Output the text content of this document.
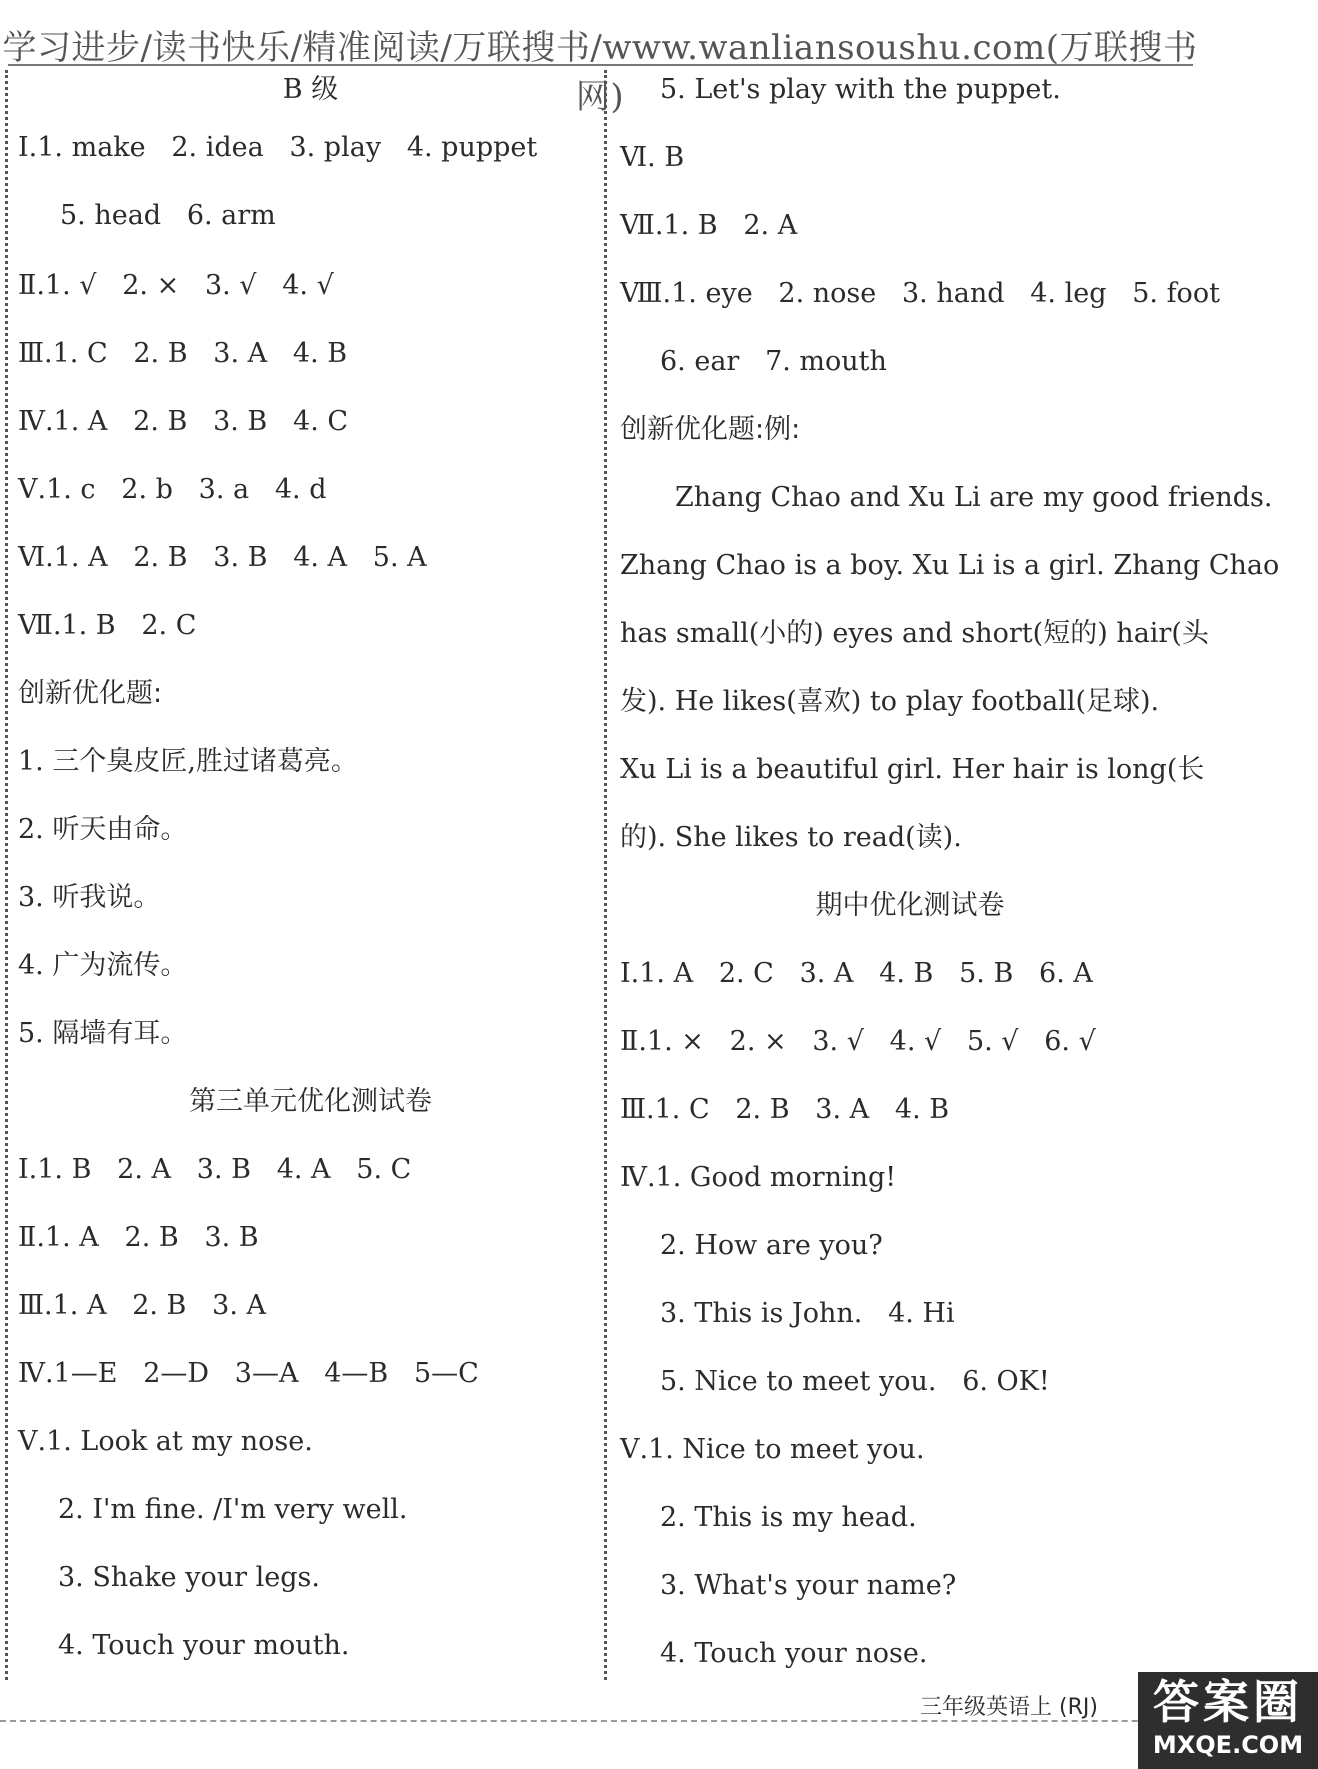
学习进步/读书快乐/精准阅读/万联搜书/www.wanliansoushu.com(万联搜书网)
B 级
Ⅰ.1. make   2. idea   3. play   4. puppet
5. head   6. arm
Ⅱ.1. √   2. ×   3. √   4. √
Ⅲ.1. C   2. B   3. A   4. B
Ⅳ.1. A   2. B   3. B   4. C
Ⅴ.1. c   2. b   3. a   4. d
Ⅵ.1. A   2. B   3. B   4. A   5. A
Ⅶ.1. B   2. C
创新优化题:
1. 三个臭皮匠,胜过诸葛亮。
2. 听天由命。
3. 听我说。
4. 广为流传。
5. 隔墙有耳。
第三单元优化测试卷
Ⅰ.1. B   2. A   3. B   4. A   5. C
Ⅱ.1. A   2. B   3. B
Ⅲ.1. A   2. B   3. A
Ⅳ.1—E   2—D   3—A   4—B   5—C
Ⅴ.1. Look at my nose.
2. I'm fine. /I'm very well.
3. Shake your legs.
4. Touch your mouth.
5. Let's play with the puppet.
Ⅵ. B
Ⅶ.1. B   2. A
Ⅷ.1. eye   2. nose   3. hand   4. leg   5. foot
6. ear   7. mouth
创新优化题:例:
Zhang Chao and Xu Li are my good friends.
Zhang Chao is a boy. Xu Li is a girl. Zhang Chao
has small(小的) eyes and short(短的) hair(头
发). He likes(喜欢) to play football(足球).
Xu Li is a beautiful girl. Her hair is long(长
的). She likes to read(读).
期中优化测试卷
Ⅰ.1. A   2. C   3. A   4. B   5. B   6. A
Ⅱ.1. ×   2. ×   3. √   4. √   5. √   6. √
Ⅲ.1. C   2. B   3. A   4. B
Ⅳ.1. Good morning!
2. How are you?
3. This is John.   4. Hi
5. Nice to meet you.   6. OK!
Ⅴ.1. Nice to meet you.
2. This is my head.
3. What's your name?
4. Touch your nose.
三年级英语上 (RJ)	答案圈
MXQE.COM
